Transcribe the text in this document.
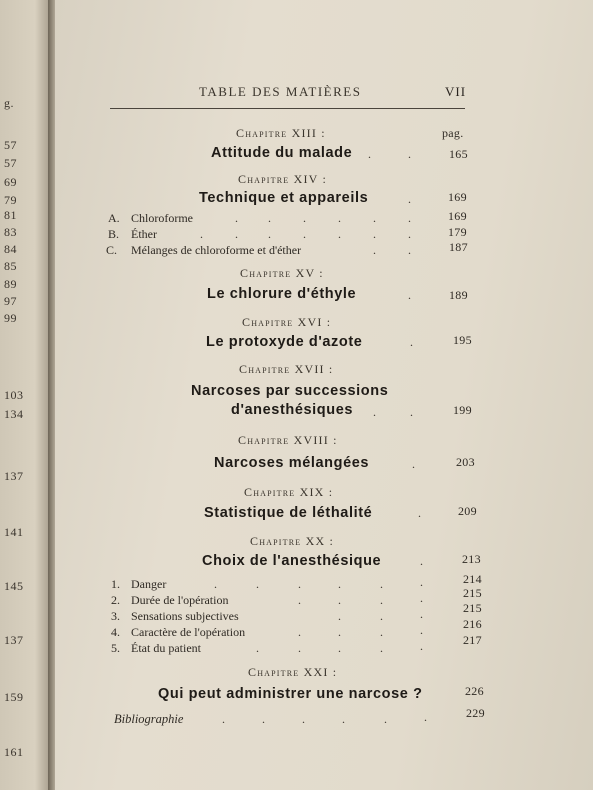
g.
57
57
69
79
81
83
84
85
89
97
99
103
134
137
141
145
137
159
161
TABLE DES MATIÈRES	VII
Chapitre XIII :	pag.
Attitude du malade .	.	165
Chapitre XIV :
Technique et appareils	.	169
A. Chloroforme	.	.	.	.	.	.	169
B. Éther	.	.	.	.	.	.	.	179
C. Mélanges de chloroforme et d'éther	.	.	187
Chapitre XV :
Le chlorure d'éthyle	.	189
Chapitre XVI :
Le protoxyde d'azote	.	195
Chapitre XVII :
Narcoses par successions
d'anesthésiques .	.	199
Chapitre XVIII :
Narcoses mélangées	.	203
Chapitre XIX :
Statistique de léthalité	.	209
Chapitre XX :
Choix de l'anesthésique	.	213
1. Danger	.	.	.	.	.	.	214
2. Durée de l'opération	.	.	.	.	215
3. Sensations subjectives	.	.	.	215
4. Caractère de l'opération	.	.	.	.	216
5. État du patient	.	.	.	.	.	217
Chapitre XXI :
Qui peut administrer une narcose ?	226
Bibliographie	.	.	.	.	.	.	229
